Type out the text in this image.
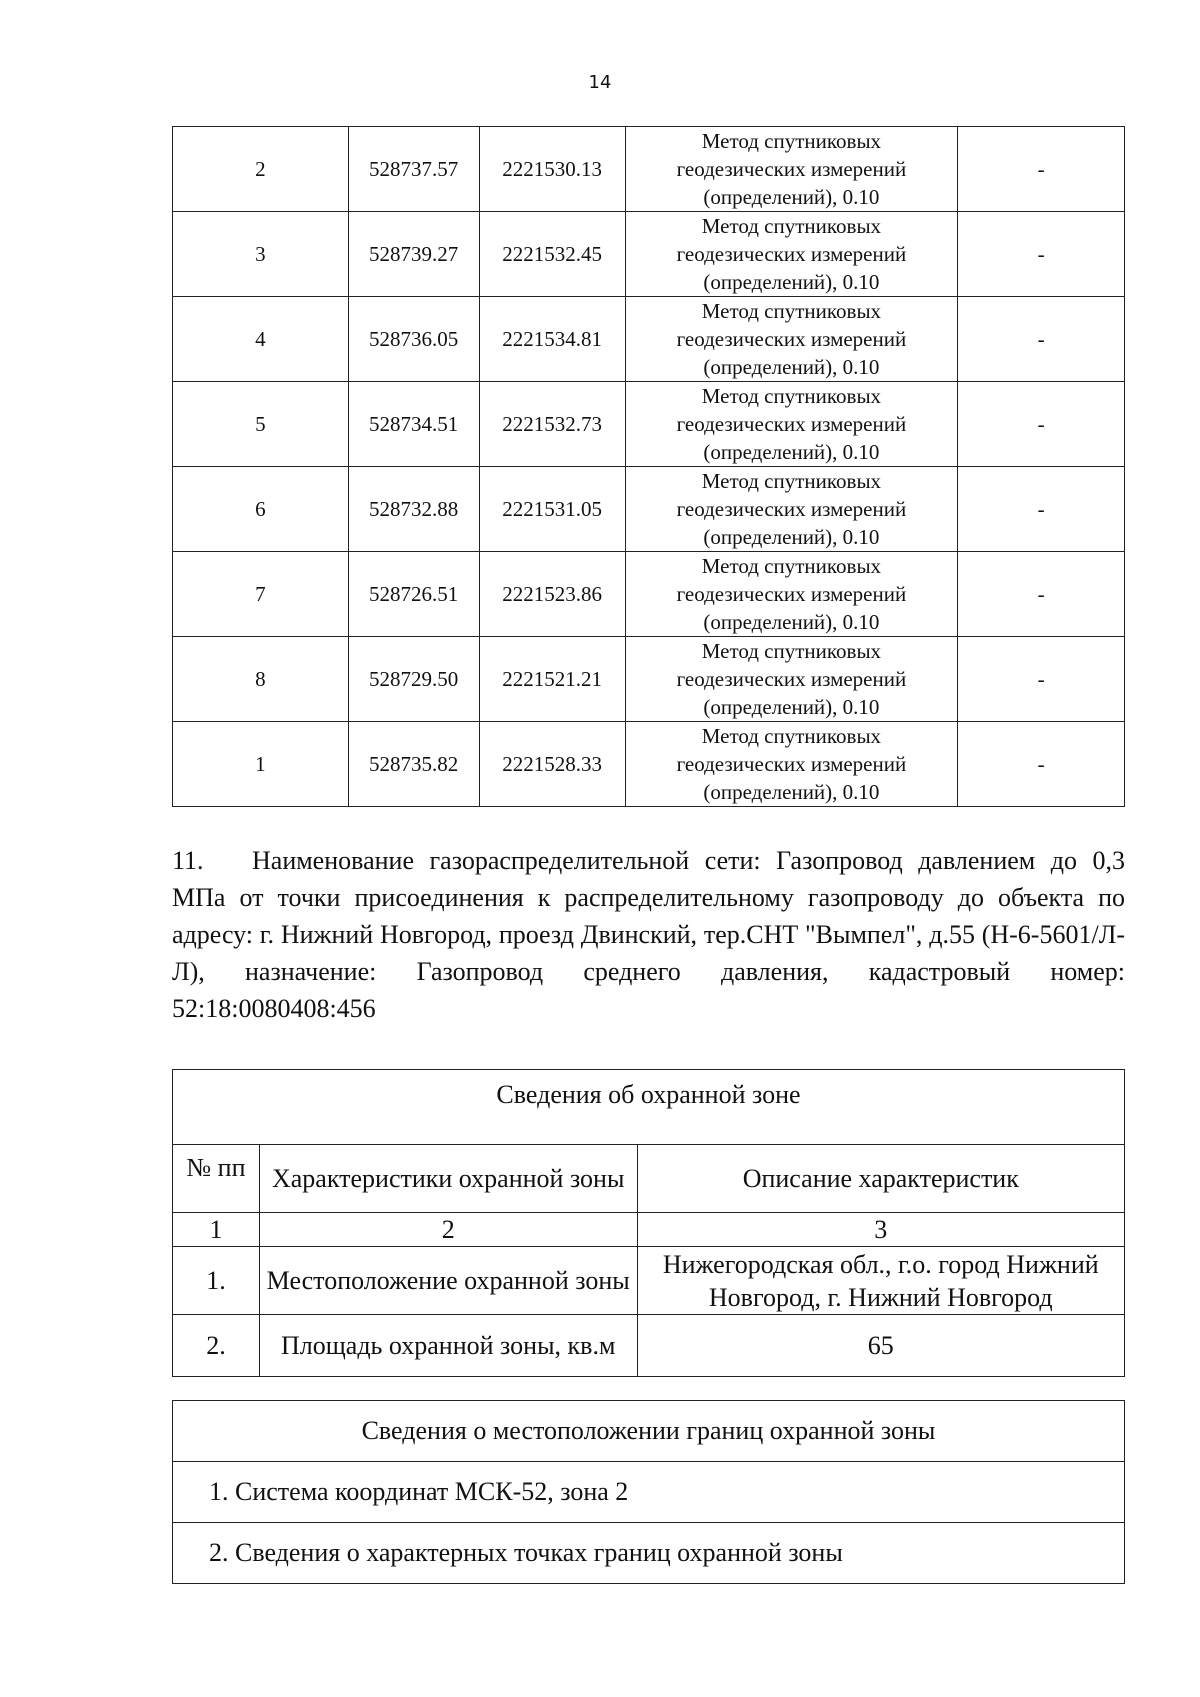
14
2	528737.57	2221530.13	Метод спутниковых
геодезических измерений
(определений), 0.10	-
3	528739.27	2221532.45	Метод спутниковых
геодезических измерений
(определений), 0.10	-
4	528736.05	2221534.81	Метод спутниковых
геодезических измерений
(определений), 0.10	-
5	528734.51	2221532.73	Метод спутниковых
геодезических измерений
(определений), 0.10	-
6	528732.88	2221531.05	Метод спутниковых
геодезических измерений
(определений), 0.10	-
7	528726.51	2221523.86	Метод спутниковых
геодезических измерений
(определений), 0.10	-
8	528729.50	2221521.21	Метод спутниковых
геодезических измерений
(определений), 0.10	-
1	528735.82	2221528.33	Метод спутниковых
геодезических измерений
(определений), 0.10	-
11. Наименование газораспределительной сети: Газопровод давлением до 0,3 МПа от точки присоединения к распределительному газопроводу до объекта по адресу: г. Нижний Новгород, проезд Двинский, тер.СНТ "Вымпел", д.55 (Н-6-5601/Л-Л), назначение: Газопровод среднего давления, кадастровый номер: 52:18:0080408:456
Сведения об охранной зоне		
№ пп	Характеристики охранной зоны	Описание характеристик
1	2	3
1.	Местоположение охранной зоны	Нижегородская обл., г.о. город Нижний Новгород, г. Нижний Новгород
2.	Площадь охранной зоны, кв.м	65
Сведения о местоположении границ охранной зоны
1. Система координат МСК-52, зона 2
2. Сведения о характерных точках границ охранной зоны
